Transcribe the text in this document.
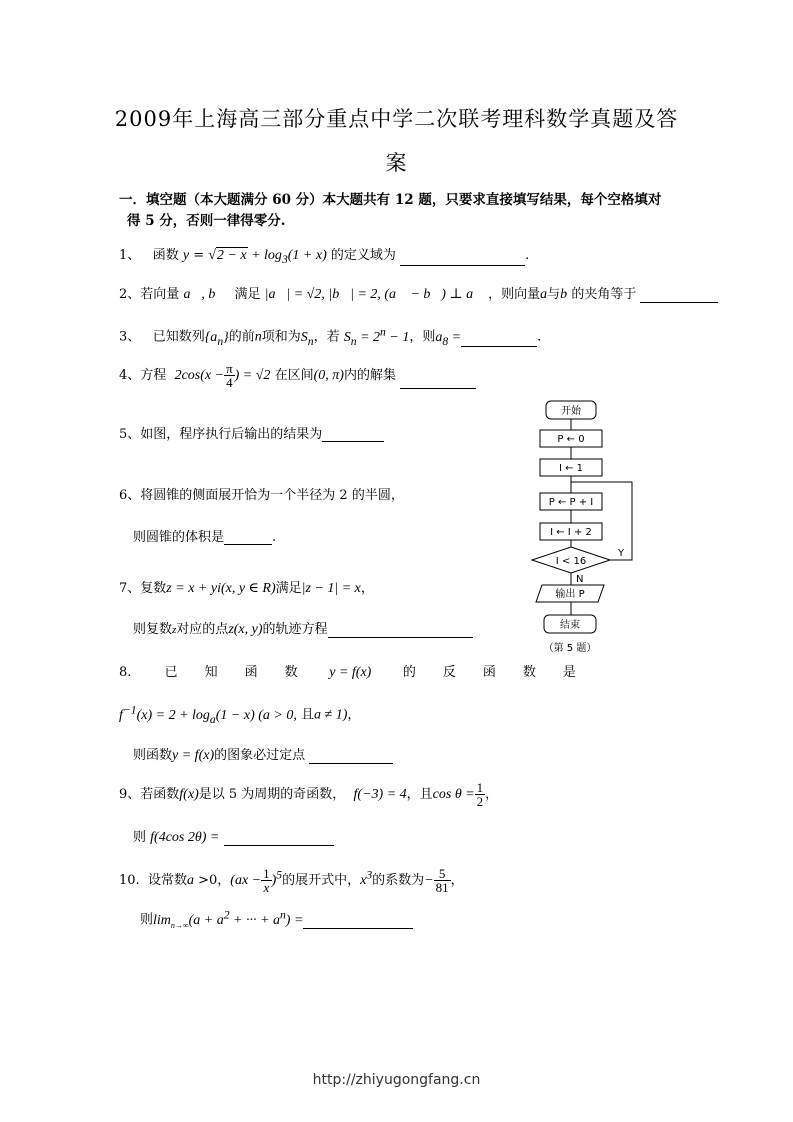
2009年上海高三部分重点中学二次联考理科数学真题及答
案
一．填空题（本大题满分 60 分）本大题共有 12 题，只要求直接填写结果，每个空格填对
得 5 分，否则一律得零分.
1、 函数 $y = √2 - x + \log_3(1 + x)$ 的定义域为	.
2、若向量 a⃗, b⃗ 满足 |a⃗| = √2, |b⃗| = 2, (a⃗ − b⃗) ⊥ a⃗ ，则向量a与b 的夹角等于
3、 已知数列$\{a_n\}$的前n项和为$S_n$，若 $S_n = 2^n - 1$，则$a_8$ =	.
4、方程 $2\cos(x - \frac{\pi}{4}$ ) = √2 在区间(0, π)内的解集
5、如图，程序执行后输出的结果为
6、将圆锥的侧面展开恰为一个半径为 2 的半圆，
则圆锥的体积是	.
7、复数z = x + yi(x, y ∈ R)满足|z − 1| = x，
则复数z对应的点z(x, y)的轨迹方程
8.	已 知 函 数 y = f(x) 的 反 函 数 是
$f^{-1}(x) = 2 + \log_a(1 - x) (a > 0$, 且a ≠ 1)，
则函数y = f(x)的图象必过定点
9、若函数f(x)是以 5 为周期的奇函数， f(−3) = 4，且$\cos \theta = \frac{1}{2}$ ，
则 f(4cos 2θ) =
10. 设常数a >0，$(ax - \frac{1}{x} )^5$的展开式中，$x^3$的系数为− $\frac{5}{81}$ ，
则$\lim_{n\to\infty}(a + a^2$ + ··· + $a^n$) =
开始
P ← 0
I ← 1
P ← P + I
I ← I + 2
I < 16
Y
N
输出 P
结束
（第 5 题）
http://zhiyugongfang.cn
